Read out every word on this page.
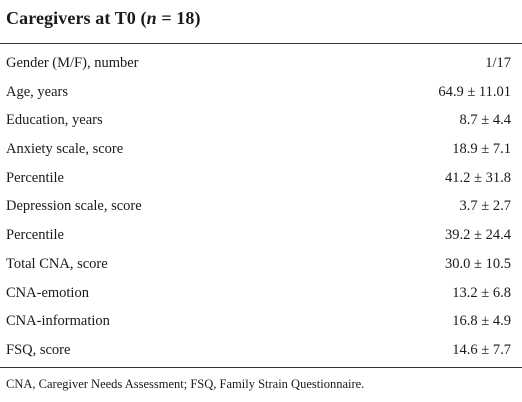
Caregivers at T0 (n = 18)
Gender (M/F), number	1/17
Age, years	64.9 ± 11.01
Education, years	8.7 ± 4.4
Anxiety scale, score	18.9 ± 7.1
Percentile	41.2 ± 31.8
Depression scale, score	3.7 ± 2.7
Percentile	39.2 ± 24.4
Total CNA, score	30.0 ± 10.5
CNA-emotion	13.2 ± 6.8
CNA-information	16.8 ± 4.9
FSQ, score	14.6 ± 7.7
CNA, Caregiver Needs Assessment; FSQ, Family Strain Questionnaire.
